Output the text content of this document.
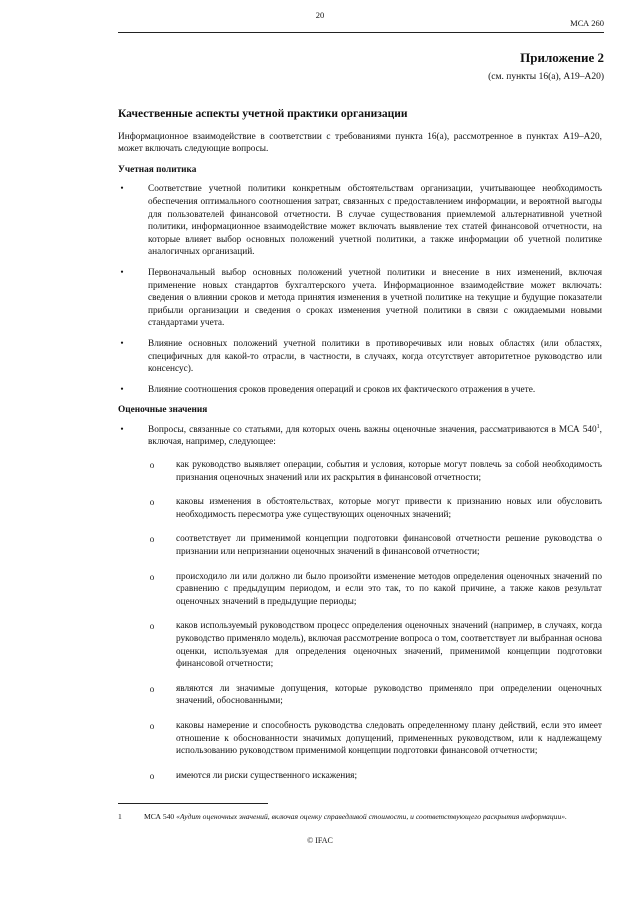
20
МСА 260
Приложение 2
(см. пункты 16(а), А19–А20)
Качественные аспекты учетной практики организации

Информационное взаимодействие в соответствии с требованиями пункта 16(а), рассмотренное в пунктах А19–А20, может включать следующие вопросы.

Учетная политика
•	Соответствие учетной политики конкретным обстоятельствам организации, учитывающее необходимость обеспечения оптимального соотношения затрат, связанных с предоставлением информации, и вероятной выгоды для пользователей финансовой отчетности. В случае существования приемлемой альтернативной учетной политики, информационное взаимодействие может включать выявление тех статей финансовой отчетности, на которые влияет выбор основных положений учетной политики, а также информации об учетной политике аналогичных организаций.
•	Первоначальный выбор основных положений учетной политики и внесение в них изменений, включая применение новых стандартов бухгалтерского учета. Информационное взаимодействие может включать: сведения о влиянии сроков и метода принятия изменения в учетной политике на текущие и будущие показатели прибыли организации и сведения о сроках изменения учетной политики в связи с ожидаемыми новыми стандартами учета.
•	Влияние основных положений учетной политики в противоречивых или новых областях (или областях, специфичных для какой-то отрасли, в частности, в случаях, когда отсутствует авторитетное руководство или консенсус).
•	Влияние соотношения сроков проведения операций и сроков их фактического отражения в учете.
Оценочные значения
•	Вопросы, связанные со статьями, для которых очень важны оценочные значения, рассматриваются в МСА $540^1$, включая, например, следующее:
o как руководство выявляет операции, события и условия, которые могут повлечь за собой необходимость признания оценочных значений или их раскрытия в финансовой отчетности;
o каковы изменения в обстоятельствах, которые могут привести к признанию новых или обусловить необходимость пересмотра уже существующих оценочных значений;
o соответствует ли применимой концепции подготовки финансовой отчетности решение руководства о признании или непризнании оценочных значений в финансовой отчетности;
o происходило ли или должно ли было произойти изменение методов определения оценочных значений по сравнению с предыдущим периодом, и если это так, то по какой причине, а также каков результат оценочных значений в предыдущие периоды;
o каков используемый руководством процесс определения оценочных значений (например, в случаях, когда руководство применяло модель), включая рассмотрение вопроса о том, соответствует ли выбранная основа оценки, используемая для определения оценочных значений, применимой концепции подготовки финансовой отчетности;
o являются ли значимые допущения, которые руководство применяло при определении оценочных значений, обоснованными;
o каковы намерение и способность руководства следовать определенному плану действий, если это имеет отношение к обоснованности значимых допущений, примененных руководством, или к надлежащему использованию руководством применимой концепции подготовки финансовой отчетности;
o имеются ли риски существенного искажения;
1	МСА 540 «Аудит оценочных значений, включая оценку справедливой стоимости, и соответствующего раскрытия информации».
© IFAC
